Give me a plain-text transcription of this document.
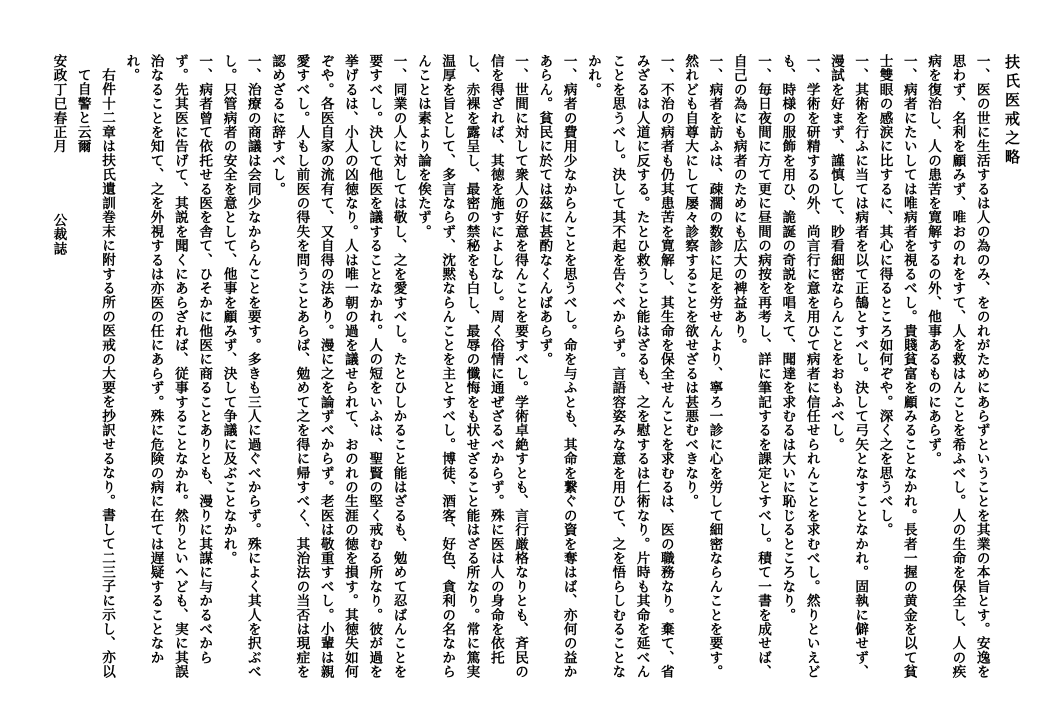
扶氏医戒之略
一、医の世に生活するは人の為のみ、をのれがためにあらずということを其業の本旨とす。安逸を思わず、名利を顧みず、唯おのれをすて、人を救はんことを希ふべし。人の生命を保全し、人の疾病を復治し、人の患苦を寛解するの外、他事あるものにあらず。
一、病者にたいしては唯病者を視るべし。貴賤貧富を顧みることなかれ。長者一握の黄金を以て貧士雙眼の感涙に比するに、其心に得るところ如何ぞや。深く之を思うべし。
一、其術を行ふに当ては病者を以て正鵠とすべし。決して弓矢となすことなかれ。固執に僻せず、漫試を好まず、謹慎して、眇看細密ならんことをおもふべし。
一、学術を研精するの外、尚言行に意を用ひて病者に信任せられんことを求むべし。然りといえども、時様の服飾を用ひ、詭誕の奇説を唱えて、聞達を求むるは大いに恥じるところなり。
一、毎日夜間に方て更に昼間の病按を再考し、詳に筆記するを課定とすべし。積て一書を成せば、自己の為にも病者のためにも広大の裨益あり。
一、病者を訪ふは、疎濶の数診に足を労せんより、寧ろ一診に心を労して細密ならんことを要す。然れども自尊大にして屡々診察することを欲せざるは甚悪むべきなり。
一、不治の病者も仍其患苦を寛解し、其生命を保全せんことを求むるは、医の職務なり。棄て、省みざるは人道に反する。たとひ救うこと能はざるも、之を慰するは仁術なり。片時も其命を延べんことを思うべし。決して其不起を告ぐべからず。言語容姿みな意を用ひて、之を悟らしむることなかれ。
一、病者の費用少なからんことを思うべし。命を与ふとも、其命を繋ぐの資を奪はば、亦何の益かあらん。貧民に於ては茲に甚酌なくんばあらず。
一、世間に対して衆人の好意を得んことを要すべし。学術卓絶すとも、言行厳格なりとも、斉民の信を得ざれば、其徳を施すによしなし。周く俗情に通ぜざるべからず。殊に医は人の身命を依托し、赤裸を露呈し、最密の禁秘をも白し、最辱の懺悔をも状せざること能はざる所なり。常に篤実温厚を旨として、多言ならず、沈黙ならんことを主とすべし。博徒、酒客、好色、貪利の名なからんことは素より論を俟たず。
一、同業の人に対しては敬し、之を愛すべし。たとひしかること能はざるも、勉めて忍ばんことを要すべし。決して他医を議することなかれ。人の短をいふは、聖賢の堅く戒むる所なり。彼が過を挙げるは、小人の凶徳なり。人は唯一朝の過を議せられて、おのれの生涯の徳を損す。其徳失如何ぞや。各医自家の流有て、又自得の法あり。漫に之を論ずべからず。老医は敬重すべし。小輩は親愛すべし。人もし前医の得失を問うことあらば、勉めて之を得に帰すべく、其治法の当否は現症を認めざるに辞すべし。
一、治療の商議は会同少なからんことを要す。多きも三人に過ぐべからず。殊によく其人を択ぶべし。只管病者の安全を意として、他事を顧みず、決して争議に及ぶことなかれ。
一、病者曾て依托せる医を舎て、ひそかに他医に商ることありとも、漫りに其謀に与かるべからず。先其医に告げて、其説を聞くにあらざれば、従事することなかれ。然りといへども、実に其誤治なることを知て、之を外視するは亦医の任にあらず。殊に危険の病に在ては遅疑することなかれ。
右件十二章は扶氏遺訓巻末に附する所の医戒の大要を抄訳せるなり。書して二三子に示し、亦以て自警と云爾
安政丁巳春正月公裁誌
